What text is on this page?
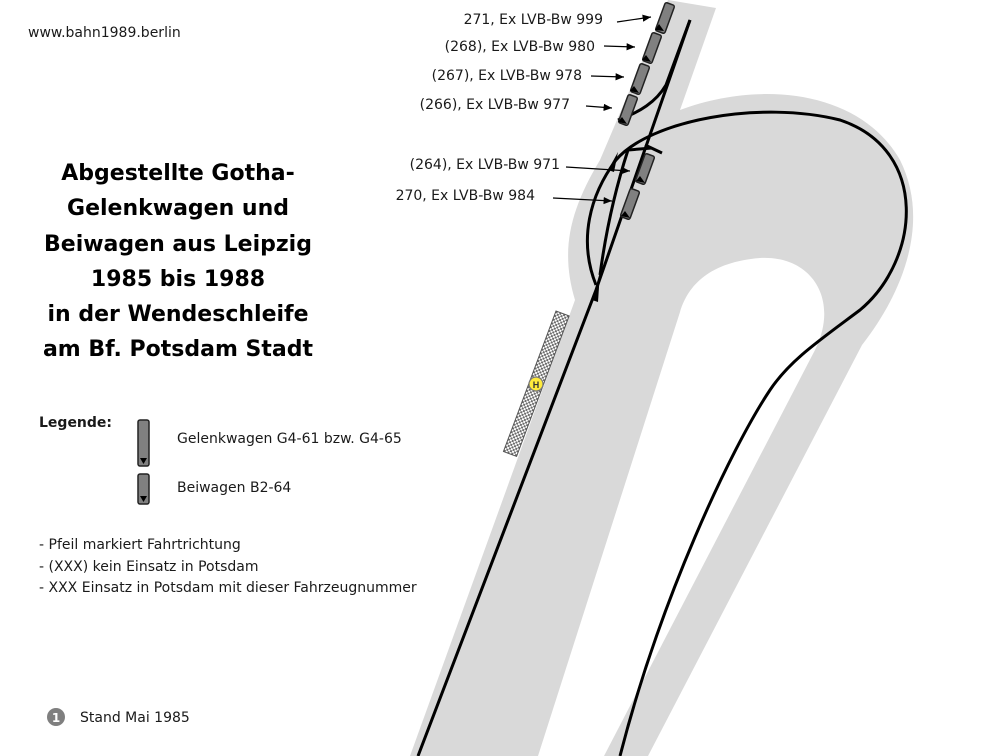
H
1
www.bahn1989.berlin
Abgestellte Gotha-
Gelenkwagen und
Beiwagen aus Leipzig
1985 bis 1988
in der Wendeschleife
am Bf. Potsdam Stadt
Legende:
Gelenkwagen G4-61 bzw. G4-65
Beiwagen B2-64
- Pfeil markiert Fahrtrichtung
- (XXX) kein Einsatz in Potsdam
- XXX Einsatz in Potsdam mit dieser Fahrzeugnummer
Stand Mai 1985
271, Ex LVB-Bw 999
(268), Ex LVB-Bw 980
(267), Ex LVB-Bw 978
(266), Ex LVB-Bw 977
(264), Ex LVB-Bw 971
270, Ex LVB-Bw 984
